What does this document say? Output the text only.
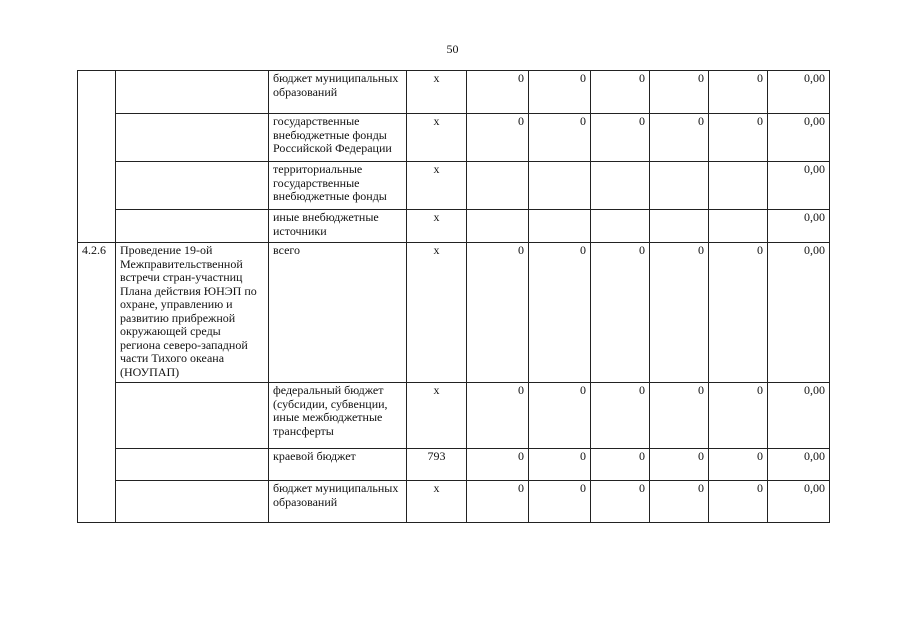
50
		бюджет муниципальных образований	x	0	0	0	0	0	0,00
		государственные внебюджетные фонды Российской Федерации	x	0	0	0	0	0	0,00
		территориальные государственные внебюджетные фонды	x						0,00
		иные внебюджетные источники	x						0,00
4.2.6	Проведение 19-ой Межправительственной встречи стран-участниц Плана действия ЮНЭП по охране, управлению и развитию прибрежной окружающей среды региона северо-западной части Тихого океана (НОУПАП)	всего	x	0	0	0	0	0	0,00
		федеральный бюджет (субсидии, субвенции, иные межбюджетные трансферты	x	0	0	0	0	0	0,00
		краевой бюджет	793	0	0	0	0	0	0,00
		бюджет муниципальных образований	x	0	0	0	0	0	0,00
